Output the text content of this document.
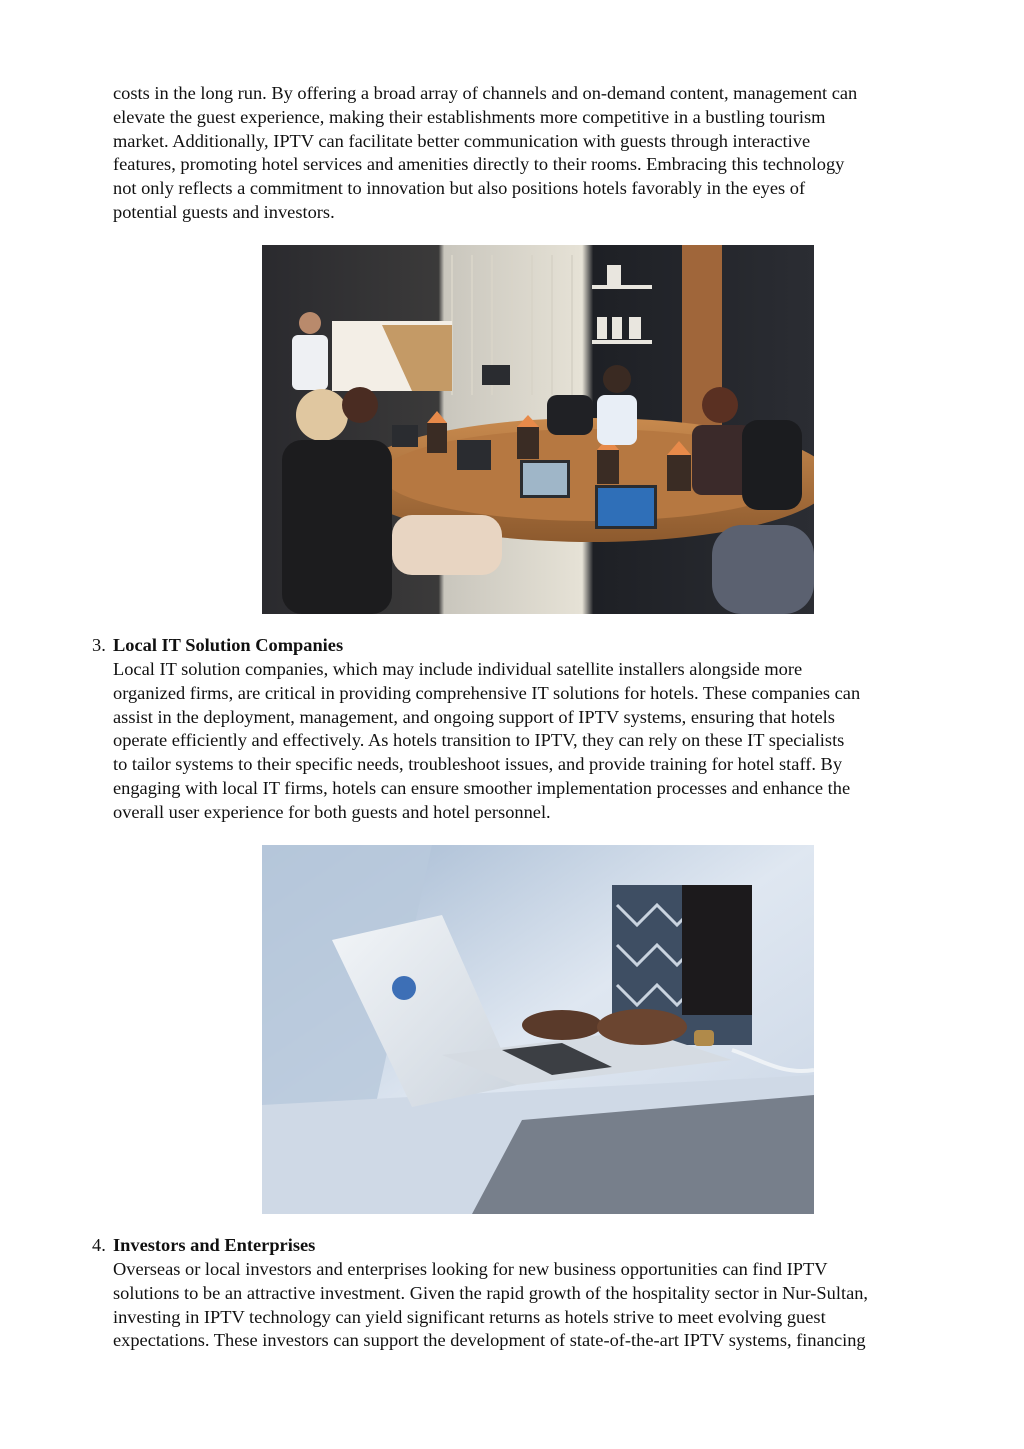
costs in the long run. By offering a broad array of channels and on-demand content, management can
elevate the guest experience, making their establishments more competitive in a bustling tourism
market. Additionally, IPTV can facilitate better communication with guests through interactive
features, promoting hotel services and amenities directly to their rooms. Embracing this technology
not only reflects a commitment to innovation but also positions hotels favorably in the eyes of
potential guests and investors.

3. Local IT Solution Companies

Local IT solution companies, which may include individual satellite installers alongside more
organized firms, are critical in providing comprehensive IT solutions for hotels. These companies can
assist in the deployment, management, and ongoing support of IPTV systems, ensuring that hotels
operate efficiently and effectively. As hotels transition to IPTV, they can rely on these IT specialists
to tailor systems to their specific needs, troubleshoot issues, and provide training for hotel staff. By
engaging with local IT firms, hotels can ensure smoother implementation processes and enhance the
overall user experience for both guests and hotel personnel.

4. Investors and Enterprises

Overseas or local investors and enterprises looking for new business opportunities can find IPTV
solutions to be an attractive investment. Given the rapid growth of the hospitality sector in Nur-Sultan,
investing in IPTV technology can yield significant returns as hotels strive to meet evolving guest
expectations. These investors can support the development of state-of-the-art IPTV systems, financing
